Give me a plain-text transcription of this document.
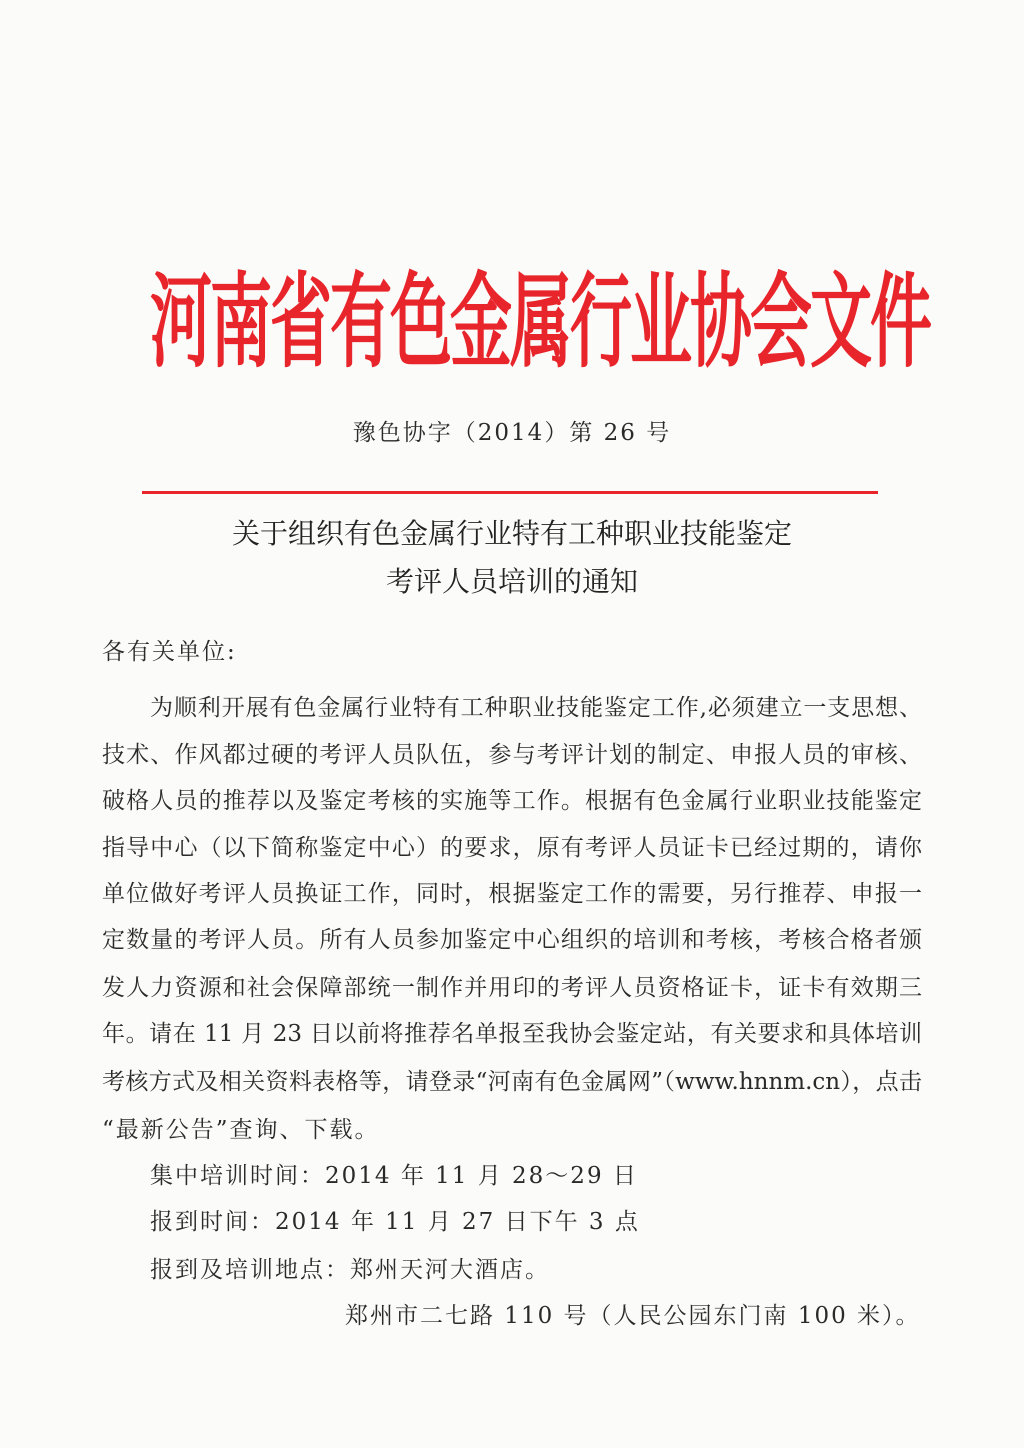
河南省有色金属行业协会文件
豫色协字（2014）第 26 号
关于组织有色金属行业特有工种职业技能鉴定
考评人员培训的通知
各有关单位:
为顺利开展有色金属行业特有工种职业技能鉴定工作,必须建立一支思想、
技术、作风都过硬的考评人员队伍，参与考评计划的制定、申报人员的审核、
破格人员的推荐以及鉴定考核的实施等工作。根据有色金属行业职业技能鉴定
指导中心（以下简称鉴定中心）的要求，原有考评人员证卡已经过期的，请你
单位做好考评人员换证工作，同时，根据鉴定工作的需要，另行推荐、申报一
定数量的考评人员。所有人员参加鉴定中心组织的培训和考核，考核合格者颁
发人力资源和社会保障部统一制作并用印的考评人员资格证卡，证卡有效期三
年。请在 11 月 23 日以前将推荐名单报至我协会鉴定站，有关要求和具体培训
考核方式及相关资料表格等，请登录“河南有色金属网”（www.hnnm.cn），点击
“最新公告”查询、下载。
集中培训时间：2014 年 11 月 28～29 日
报到时间：2014 年 11 月 27 日下午 3 点
报到及培训地点：郑州天河大酒店。
郑州市二七路 110 号（人民公园东门南 100 米）。
